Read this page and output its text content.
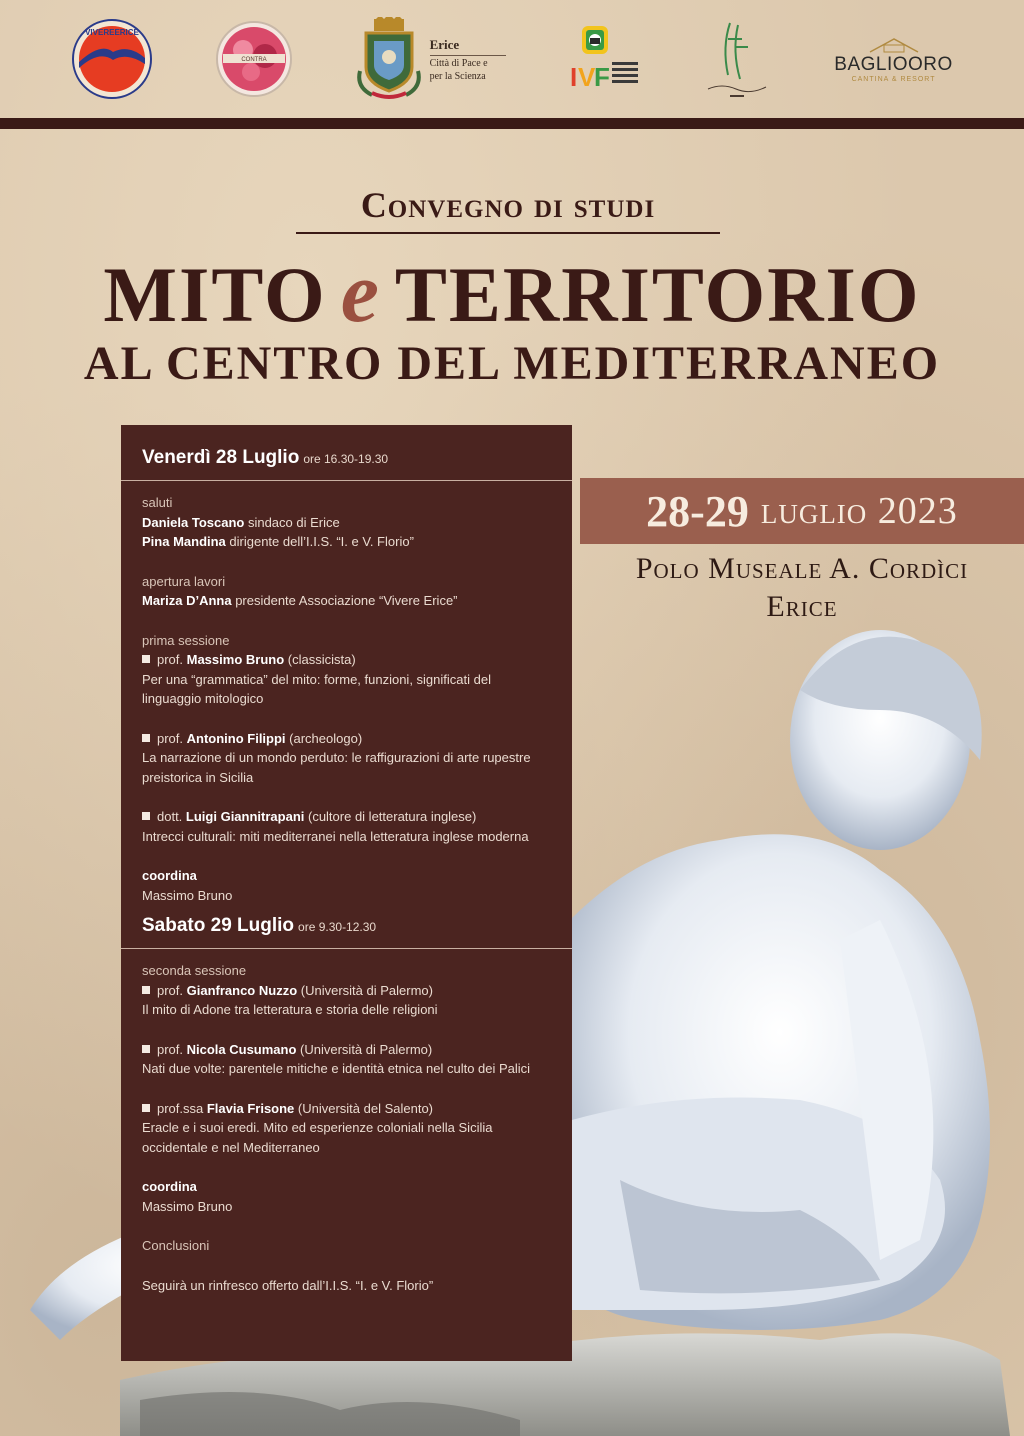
VIVEREERICE
CONTRA
Erice
Città di Pace e
per la Scienza	I V
F	BAGLIOORO
CANTINA & RESORT
Convegno di studi
MITO e TERRITORIO
AL CENTRO DEL MEDITERRANEO
28-29 luglio 2023
Polo Museale A. Cordìci
Erice
Venerdì 28 Luglio ore 16.30-19.30
saluti
Daniela Toscano sindaco di Erice
Pina Mandina dirigente dell’I.I.S. “I. e V. Florio”
apertura lavori
Mariza D’Anna presidente Associazione “Vivere Erice”
prima sessione
prof. Massimo Bruno (classicista)
Per una “grammatica” del mito: forme, funzioni, significati del linguaggio mitologico
prof. Antonino Filippi (archeologo)
La narrazione di un mondo perduto: le raffigurazioni di arte rupestre preistorica in Sicilia
dott. Luigi Giannitrapani (cultore di letteratura inglese)
Intrecci culturali: miti mediterranei nella letteratura inglese moderna
coordina
Massimo Bruno
Sabato 29 Luglio ore 9.30-12.30
seconda sessione
prof. Gianfranco Nuzzo (Università di Palermo)
Il mito di Adone tra letteratura e storia delle religioni
prof. Nicola Cusumano (Università di Palermo)
Nati due volte: parentele mitiche e identità etnica nel culto dei Palici
prof.ssa Flavia Frisone (Università del Salento)
Eracle e i suoi eredi. Mito ed esperienze coloniali nella Sicilia occidentale e nel Mediterraneo
coordina
Massimo Bruno
Conclusioni
Seguirà un rinfresco offerto dall’I.I.S. “I. e V. Florio”
